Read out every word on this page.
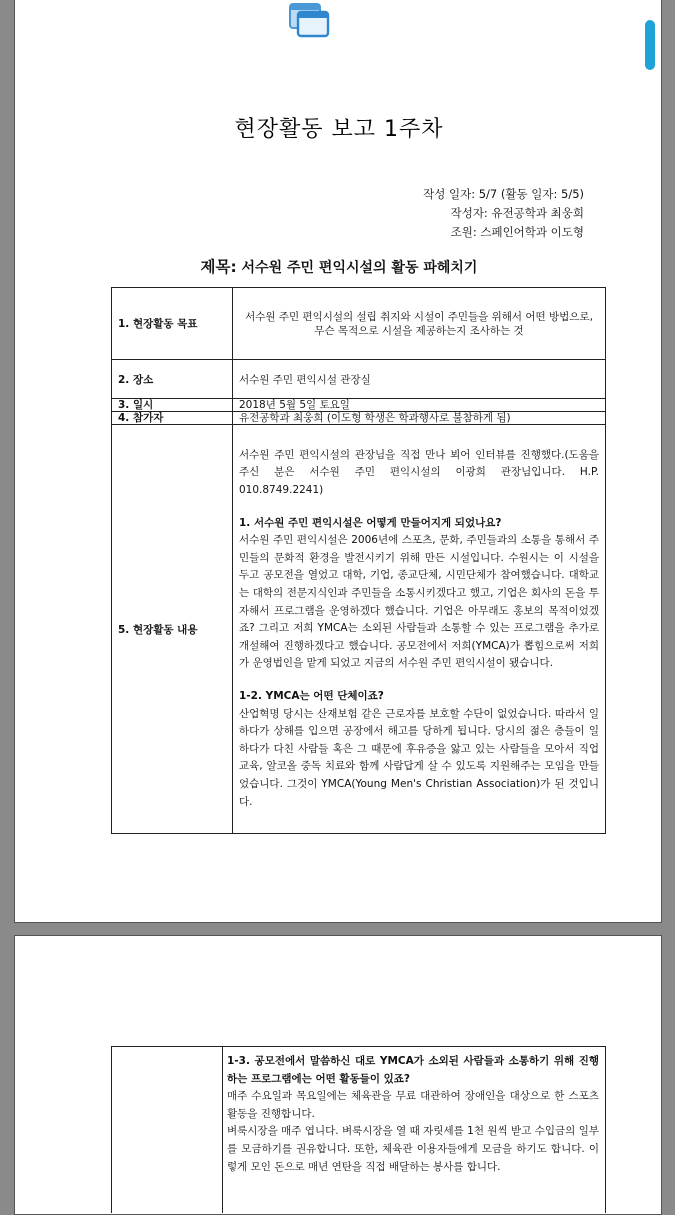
현장활동 보고 1주차
작성 일자: 5/7 (활동 일자: 5/5)
작성자: 유전공학과 최웅희
조원: 스페인어학과 이도형
제목: 서수원 주민 편익시설의 활동 파헤치기
1. 현장활동 목표	서수원 주민 편익시설의 설립 취지와 시설이 주민들을 위해서 어떤 방법으로, 무슨 목적으로 시설을 제공하는지 조사하는 것
2. 장소	서수원 주민 편익시설 관장실
3. 일시	2018년 5월 5일 토요일
4. 참가자	유전공학과 최웅희 (이도형 학생은 학과행사로 불참하게 됨)
5. 현장활동 내용	서수원 주민 편익시설의 관장님을 직접 만나 뵈어 인터뷰를 진행했다.(도움을 주신 분은 서수원 주민 편익시설의 이광희 관장님입니다. H.P. 010.8749.2241)

1. 서수원 주민 편익시설은 어떻게 만들어지게 되었나요?

서수원 주민 편익시설은 2006년에 스포츠, 문화, 주민들과의 소통을 통해서 주민들의 문화적 환경을 발전시키기 위해 만든 시설입니다. 수원시는 이 시설을 두고 공모전을 열었고 대학, 기업, 종교단체, 시민단체가 참여했습니다. 대학교는 대학의 전문지식인과 주민들을 소통시키겠다고 했고, 기업은 회사의 돈을 투자해서 프로그램을 운영하겠다 했습니다. 기업은 아무래도 홍보의 목적이었겠죠? 그리고 저희 YMCA는 소외된 사람들과 소통할 수 있는 프로그램을 추가로 개설해여 진행하겠다고 했습니다. 공모전에서 저희(YMCA)가 뽑힘으로써 저희가 운영법인을 맡게 되었고 지금의 서수원 주민 편익시설이 됐습니다.

1-2. YMCA는 어떤 단체이죠?

산업혁명 당시는 산재보험 같은 근로자를 보호할 수단이 없었습니다. 따라서 일하다가 상해를 입으면 공장에서 해고를 당하게 됩니다. 당시의 젊은 층들이 일하다가 다친 사람들 혹은 그 때문에 후유증을 앓고 있는 사람들을 모아서 직업교육, 알코올 중독 치료와 함께 사람답게 살 수 있도록 지원해주는 모임을 만들었습니다. 그것이 YMCA(Young Men's Christian Association)가 된 것입니다.

1-3. 공모전에서 말씀하신 대로 YMCA가 소외된 사람들과 소통하기 위해 진행하는 프로그램에는 어떤 활동들이 있죠?

매주 수요일과 목요일에는 체육관을 무료 대관하여 장애인을 대상으로 한 스포츠 활동을 진행합니다.

벼룩시장을 매주 엽니다. 벼룩시장을 열 때 자릿세를 1천 원씩 받고 수입금의 일부를 모금하기를 권유합니다. 또한, 체육관 이용자들에게 모금을 하기도 합니다. 이렇게 모인 돈으로 매년 연탄을 직접 배달하는 봉사를 합니다.
